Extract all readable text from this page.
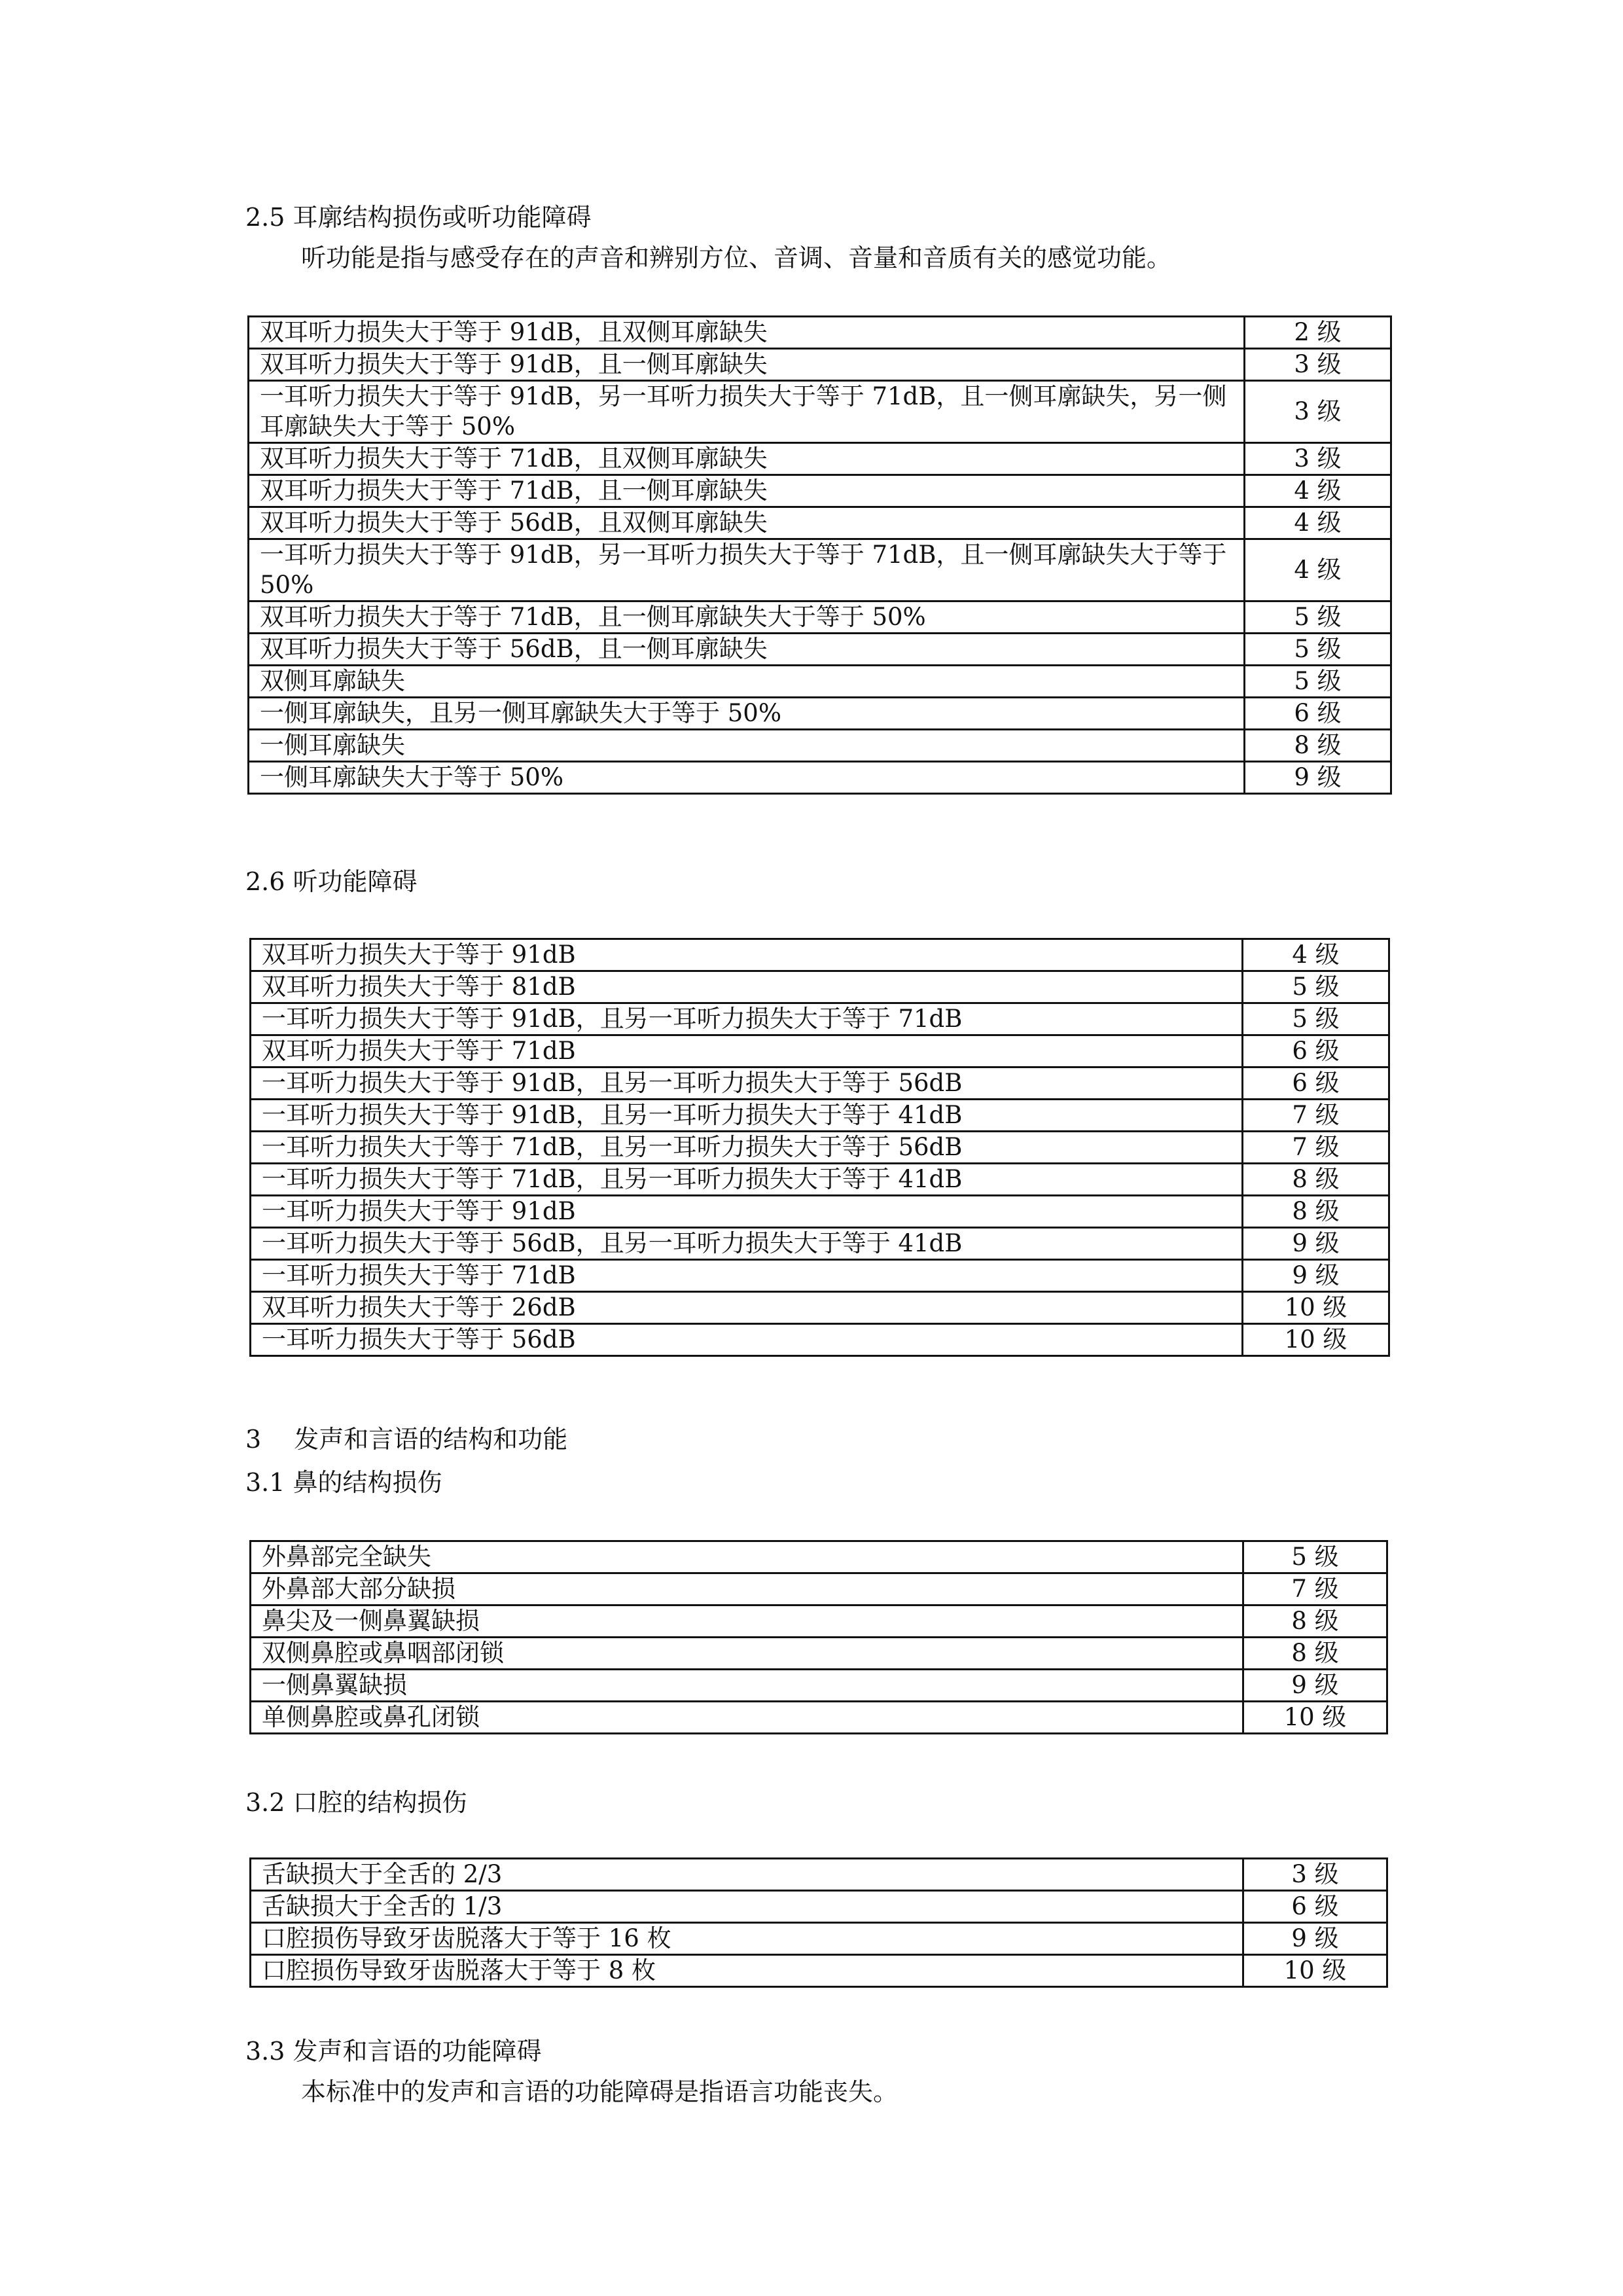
2.5 耳廓结构损伤或听功能障碍

听功能是指与感受存在的声音和辨别方位、音调、音量和音质有关的感觉功能。

双耳听力损失大于等于 91dB，且双侧耳廓缺失	2 级
双耳听力损失大于等于 91dB，且一侧耳廓缺失	3 级
一耳听力损失大于等于 91dB，另一耳听力损失大于等于 71dB，且一侧耳廓缺失，另一侧耳廓缺失大于等于 50%	3 级
双耳听力损失大于等于 71dB，且双侧耳廓缺失	3 级
双耳听力损失大于等于 71dB，且一侧耳廓缺失	4 级
双耳听力损失大于等于 56dB，且双侧耳廓缺失	4 级
一耳听力损失大于等于 91dB，另一耳听力损失大于等于 71dB，且一侧耳廓缺失大于等于 50%	4 级
双耳听力损失大于等于 71dB，且一侧耳廓缺失大于等于 50%	5 级
双耳听力损失大于等于 56dB，且一侧耳廓缺失	5 级
双侧耳廓缺失	5 级
一侧耳廓缺失，且另一侧耳廓缺失大于等于 50%	6 级
一侧耳廓缺失	8 级
一侧耳廓缺失大于等于 50%	9 级

2.6 听功能障碍

双耳听力损失大于等于 91dB	4 级
双耳听力损失大于等于 81dB	5 级
一耳听力损失大于等于 91dB，且另一耳听力损失大于等于 71dB	5 级
双耳听力损失大于等于 71dB	6 级
一耳听力损失大于等于 91dB，且另一耳听力损失大于等于 56dB	6 级
一耳听力损失大于等于 91dB，且另一耳听力损失大于等于 41dB	7 级
一耳听力损失大于等于 71dB，且另一耳听力损失大于等于 56dB	7 级
一耳听力损失大于等于 71dB，且另一耳听力损失大于等于 41dB	8 级
一耳听力损失大于等于 91dB	8 级
一耳听力损失大于等于 56dB，且另一耳听力损失大于等于 41dB	9 级
一耳听力损失大于等于 71dB	9 级
双耳听力损失大于等于 26dB	10 级
一耳听力损失大于等于 56dB	10 级

3　 发声和言语的结构和功能

3.1 鼻的结构损伤

外鼻部完全缺失	5 级
外鼻部大部分缺损	7 级
鼻尖及一侧鼻翼缺损	8 级
双侧鼻腔或鼻咽部闭锁	8 级
一侧鼻翼缺损	9 级
单侧鼻腔或鼻孔闭锁	10 级

3.2 口腔的结构损伤

舌缺损大于全舌的 2/3	3 级
舌缺损大于全舌的 1/3	6 级
口腔损伤导致牙齿脱落大于等于 16 枚	9 级
口腔损伤导致牙齿脱落大于等于 8 枚	10 级

3.3 发声和言语的功能障碍

本标准中的发声和言语的功能障碍是指语言功能丧失。
